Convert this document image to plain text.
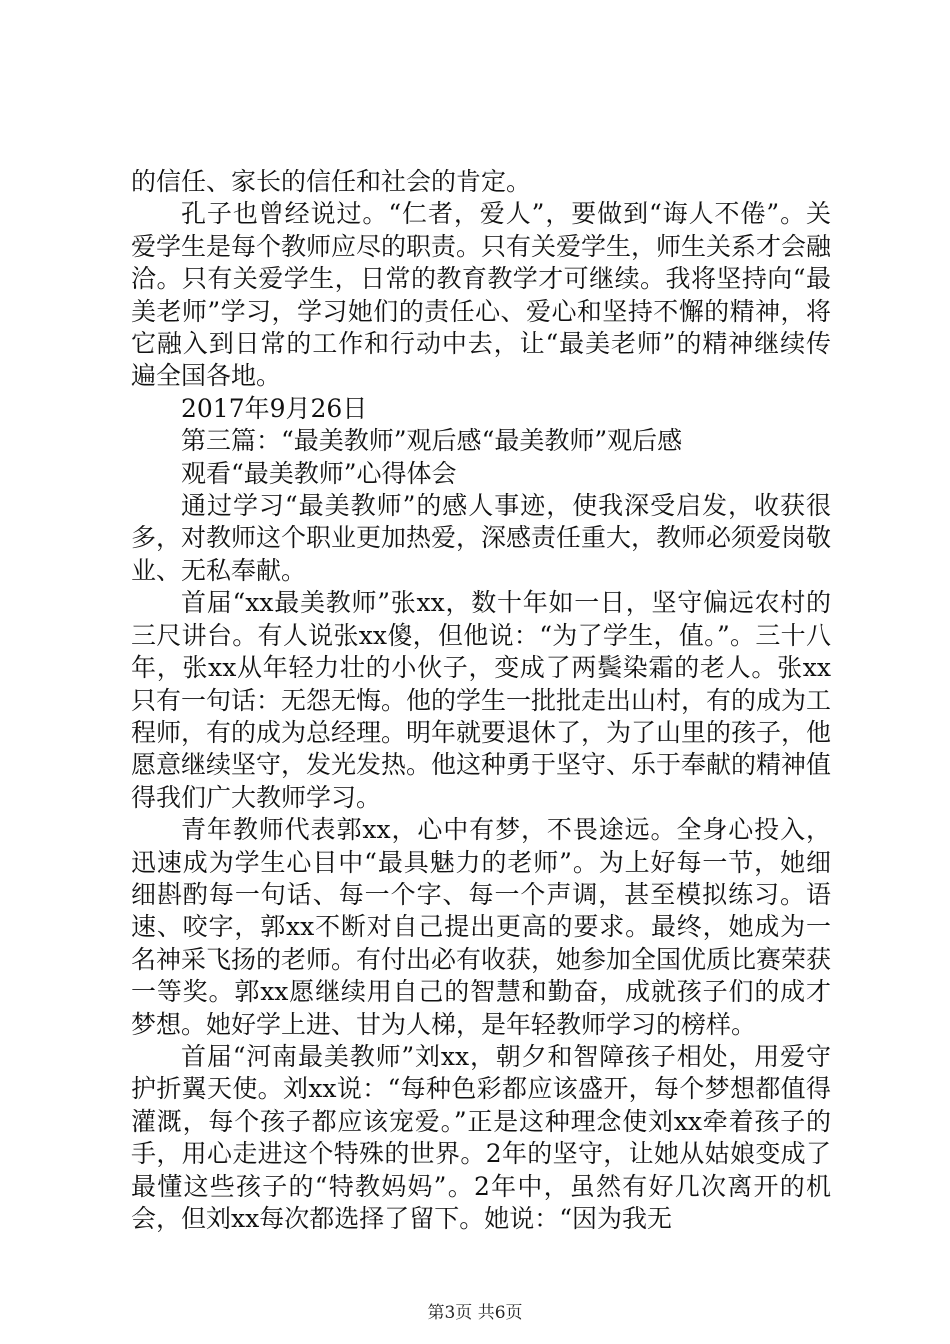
的信任、家长的信任和社会的肯定。

孔子也曾经说过。“仁者，爱人”，要做到“诲人不倦”。关爱学生是每个教师应尽的职责。只有关爱学生，师生关系才会融洽。只有关爱学生，日常的教育教学才可继续。我将坚持向“最美老师”学习，学习她们的责任心、爱心和坚持不懈的精神，将它融入到日常的工作和行动中去，让“最美老师”的精神继续传遍全国各地。

2017年9月26日

第三篇：“最美教师”观后感“最美教师”观后感

观看“最美教师”心得体会

通过学习“最美教师”的感人事迹，使我深受启发，收获很多，对教师这个职业更加热爱，深感责任重大，教师必须爱岗敬业、无私奉献。

首届“xx最美教师”张xx，数十年如一日，坚守偏远农村的三尺讲台。有人说张xx傻，但他说：“为了学生，值。”。三十八年，张xx从年轻力壮的小伙子，变成了两鬓染霜的老人。张xx只有一句话：无怨无悔。他的学生一批批走出山村，有的成为工程师，有的成为总经理。明年就要退休了，为了山里的孩子，他愿意继续坚守，发光发热。他这种勇于坚守、乐于奉献的精神值得我们广大教师学习。

青年教师代表郭xx，心中有梦，不畏途远。全身心投入，迅速成为学生心目中“最具魅力的老师”。为上好每一节，她细细斟酌每一句话、每一个字、每一个声调，甚至模拟练习。语速、咬字，郭xx不断对自己提出更高的要求。最终，她成为一名神采飞扬的老师。有付出必有收获，她参加全国优质比赛荣获一等奖。郭xx愿继续用自己的智慧和勤奋，成就孩子们的成才梦想。她好学上进、甘为人梯，是年轻教师学习的榜样。

首届“河南最美教师”刘xx，朝夕和智障孩子相处，用爱守护折翼天使。刘xx说：“每种色彩都应该盛开，每个梦想都值得灌溉，每个孩子都应该宠爱。”正是这种理念使刘xx牵着孩子的手，用心走进这个特殊的世界。2年的坚守，让她从姑娘变成了最懂这些孩子的“特教妈妈”。2年中，虽然有好几次离开的机会，但刘xx每次都选择了留下。她说：“因为我无

第3页 共6页
